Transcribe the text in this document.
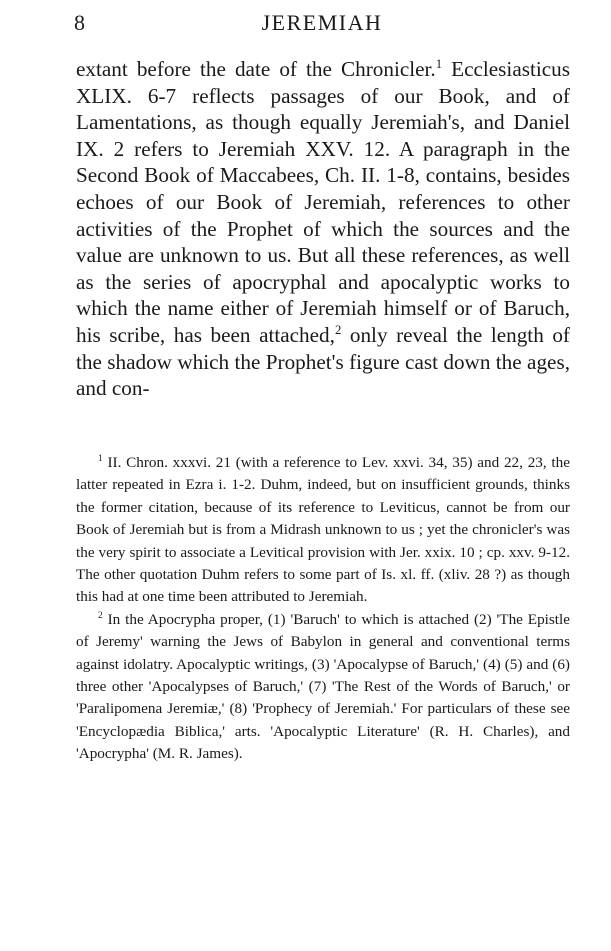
8	JEREMIAH

extant before the date of the Chronicler.$^1$ Ecclesiasticus XLIX. 6-7 reflects passages of our Book, and of Lamentations, as though equally Jeremiah's, and Daniel IX. 2 refers to Jeremiah XXV. 12. A paragraph in the Second Book of Maccabees, Ch. II. 1-8, contains, besides echoes of our Book of Jeremiah, references to other activities of the Prophet of which the sources and the value are unknown to us. But all these references, as well as the series of apocryphal and apocalyptic works to which the name either of Jeremiah himself or of Baruch, his scribe, has been attached,$^2$ only reveal the length of the shadow which the Prophet's figure cast down the ages, and con-

$^1$ II. Chron. xxxvi. 21 (with a reference to Lev. xxvi. 34, 35) and 22, 23, the latter repeated in Ezra i. 1-2. Duhm, indeed, but on insufficient grounds, thinks the former citation, because of its reference to Leviticus, cannot be from our Book of Jeremiah but is from a Midrash unknown to us ; yet the chronicler's was the very spirit to associate a Levitical provision with Jer. xxix. 10 ; cp. xxv. 9-12. The other quotation Duhm refers to some part of Is. xl. ff. (xliv. 28 ?) as though this had at one time been attributed to Jeremiah.

$^2$ In the Apocrypha proper, (1) 'Baruch' to which is attached (2) 'The Epistle of Jeremy' warning the Jews of Babylon in general and conventional terms against idolatry. Apocalyptic writings, (3) 'Apocalypse of Baruch,' (4) (5) and (6) three other 'Apocalypses of Baruch,' (7) 'The Rest of the Words of Baruch,' or 'Paralipomena Jeremiæ,' (8) 'Prophecy of Jeremiah.' For particulars of these see 'Encyclopædia Biblica,' arts. 'Apocalyptic Literature' (R. H. Charles), and 'Apocrypha' (M. R. James).
